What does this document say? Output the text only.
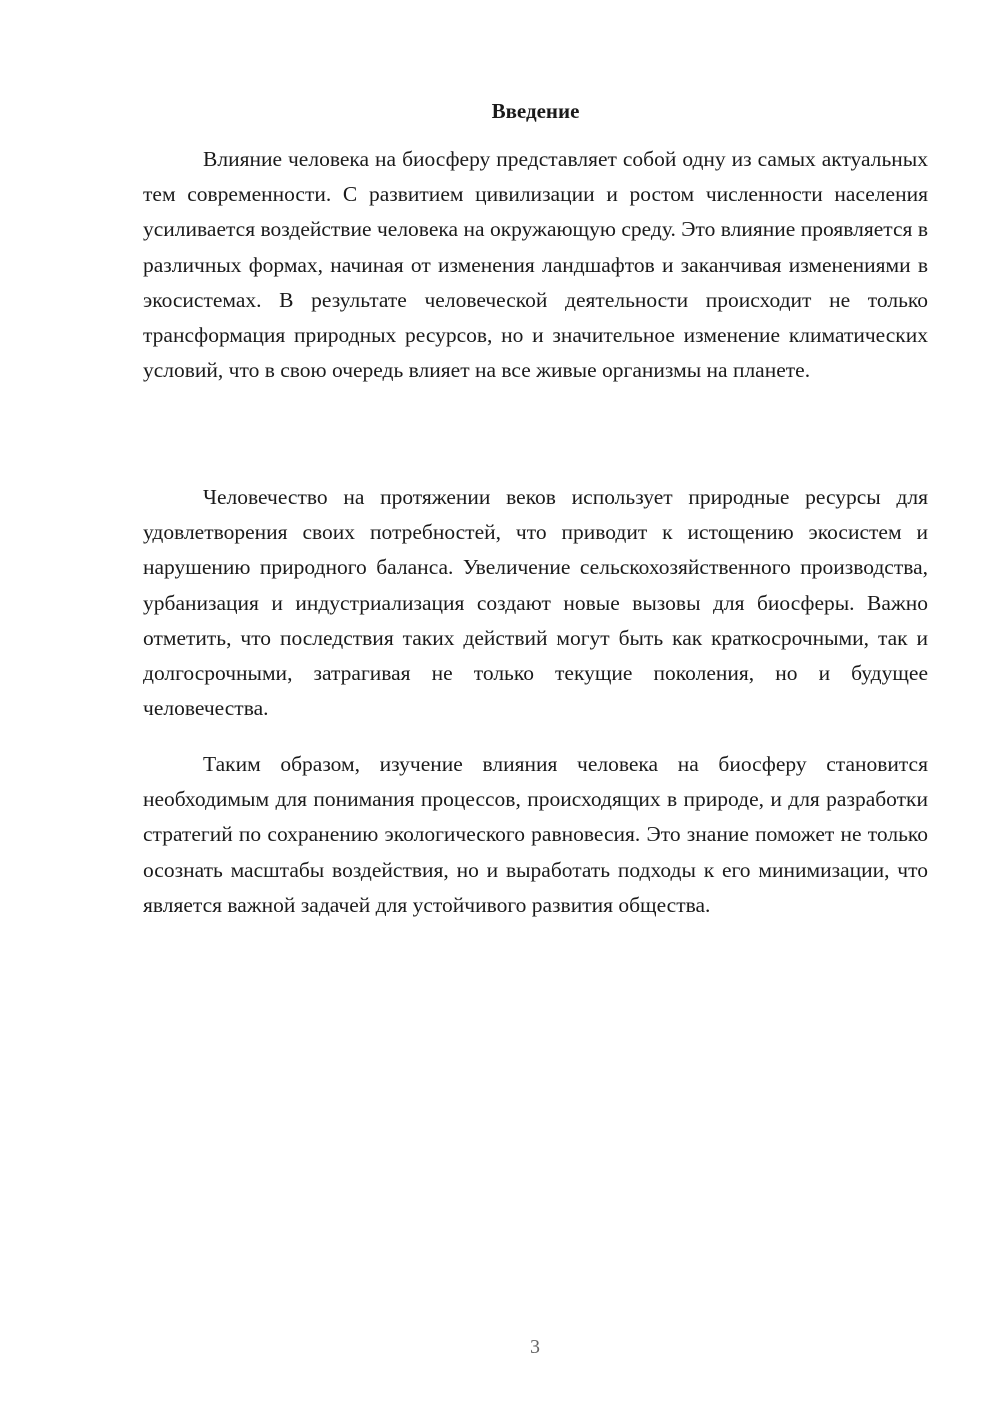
Введение

Влияние человека на биосферу представляет собой одну из самых актуальных тем современности. С развитием цивилизации и ростом численности населения усиливается воздействие человека на окружающую среду. Это влияние проявляется в различных формах, начиная от изменения ландшафтов и заканчивая изменениями в экосистемах. В результате человеческой деятельности происходит не только трансформация природных ресурсов, но и значительное изменение климатических условий, что в свою очередь влияет на все живые организмы на планете.

Человечество на протяжении веков использует природные ресурсы для удовлетворения своих потребностей, что приводит к истощению экосистем и нарушению природного баланса. Увеличение сельскохозяйственного производства, урбанизация и индустриализация создают новые вызовы для биосферы. Важно отметить, что последствия таких действий могут быть как краткосрочными, так и долгосрочными, затрагивая не только текущие поколения, но и будущее человечества.

Таким образом, изучение влияния человека на биосферу становится необходимым для понимания процессов, происходящих в природе, и для разработки стратегий по сохранению экологического равновесия. Это знание поможет не только осознать масштабы воздействия, но и выработать подходы к его минимизации, что является важной задачей для устойчивого развития общества.

3
